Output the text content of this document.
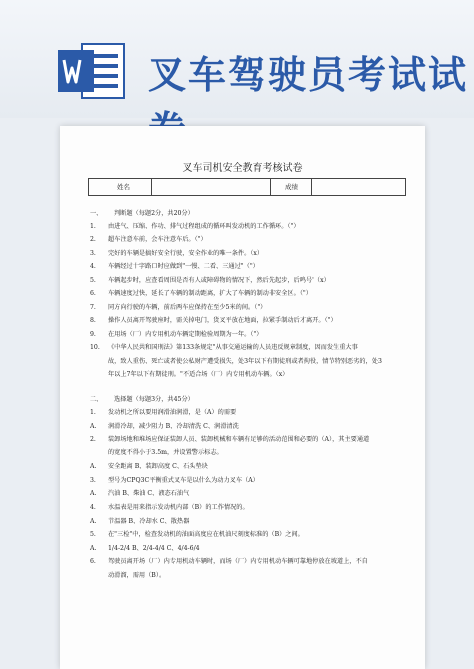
叉车驾驶员考试试
叉车司机安全教育考核试卷
姓名	成绩
一、 判断题（每题2分，共20分）
1. 由进气、压缩、作功、排气过程组成的循环叫发动机的工作循环。（"）
2. 超车注意车前，会车注意车后。（"）
3. 完好的车辆是搞好安全行驶，安全作业的唯一条件。（x）
4. 车辆经过十字路口时应做到"一慢、二看、三通过"（"）
5. 车辆起步时，应查看周围是否有人或障碍物的情况下，然后先起步，后鸣号'（x）
6. 车辆速度过快，延长了车辆的制动距离，扩大了车辆的制动非安全区。（"）
7. 同方向行驶的车辆，前后两车应保持在至少5米的间。（"）
8. 操作人员离开驾驶座时，需关掉电门，货叉平放在地面，拉紧手制动后才离开。（"）
9. 在用场（厂）内专用机动车辆定期检验周期为一年。（"）
10. 《中华人民共和国刑法》第133条规定"从事交通运输的人员违反规章制度，因而发生重大事
故，致人重伤、死亡或者使公私财产遭受损失，处3年以下有期徒刑或者拘役，情节特别恶劣的，处3
年以上7年以下有期徒刑。"不适合场（厂）内专用机动车辆。（x）
二、 选择题（每题3分，共45分）
1. 发动机之所以要用润滑油润滑，是（A）的需要
A. 润滑冷却，减少阻力 B、冷却清洗 C、润滑清洗
2. 装卸场地和堆场应保证装卸人员、装卸机械和车辆有足够的活动范围和必要的（A），其主要通道
的宽度不得小于3.5m，并设置警示标志。
A. 安全距离 B、装卸高度 C、石头垫块
3. 型号为CPQ3C平衡重式叉车是以什么为动力叉车（A）
A. 汽油 B、柴油 C、液态石油气
4. 水温表是用来指示发动机内部（B）的工作情况的。
A. 节温器 B、冷却水 C、散热器
5. 在"三检"中，检查发动机的油面高度应在机油尺刻度标准的（B）之间。
A. 1/4-2/4 B、2/4-4/4 C、4/4-6/4
6. 驾驶员离开场（厂）内专用机动车辆时，而场（厂）内专用机动车辆可靠地停放在坡道上，不自
动滑溜，需用（B）。
